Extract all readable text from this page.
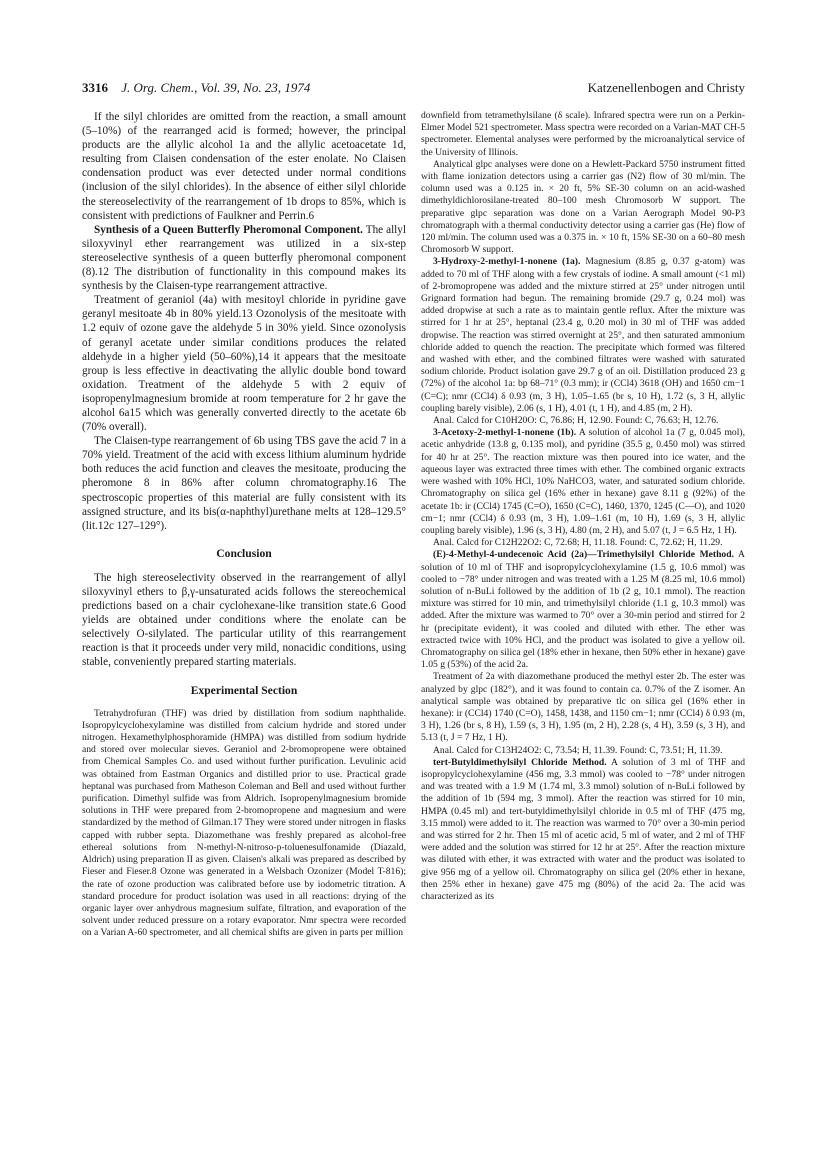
3316 J. Org. Chem., Vol. 39, No. 23, 1974	Katzenellenbogen and Christy

If the silyl chlorides are omitted from the reaction, a small amount (5–10%) of the rearranged acid is formed; however, the principal products are the allylic alcohol 1a and the allylic acetoacetate 1d, resulting from Claisen condensation of the ester enolate. No Claisen condensation product was ever detected under normal conditions (inclusion of the silyl chlorides). In the absence of either silyl chloride the stereoselectivity of the rearrangement of 1b drops to 85%, which is consistent with predictions of Faulkner and Perrin.6

Synthesis of a Queen Butterfly Pheromonal Component. The allyl siloxyvinyl ether rearrangement was utilized in a six-step stereoselective synthesis of a queen butterfly pheromonal component (8).12 The distribution of functionality in this compound makes its synthesis by the Claisen-type rearrangement attractive.

Treatment of geraniol (4a) with mesitoyl chloride in pyridine gave geranyl mesitoate 4b in 80% yield.13 Ozonolysis of the mesitoate with 1.2 equiv of ozone gave the aldehyde 5 in 30% yield. Since ozonolysis of geranyl acetate under similar conditions produces the related aldehyde in a higher yield (50–60%),14 it appears that the mesitoate group is less effective in deactivating the allylic double bond toward oxidation. Treatment of the aldehyde 5 with 2 equiv of isopropenylmagnesium bromide at room temperature for 2 hr gave the alcohol 6a15 which was generally converted directly to the acetate 6b (70% overall).

The Claisen-type rearrangement of 6b using TBS gave the acid 7 in a 70% yield. Treatment of the acid with excess lithium aluminum hydride both reduces the acid function and cleaves the mesitoate, producing the pheromone 8 in 86% after column chromatography.16 The spectroscopic properties of this material are fully consistent with its assigned structure, and its bis(α-naphthyl)urethane melts at 128–129.5° (lit.12c 127–129°).

Conclusion

The high stereoselectivity observed in the rearrangement of allyl siloxyvinyl ethers to β,γ-unsaturated acids follows the stereochemical predictions based on a chair cyclohexane-like transition state.6 Good yields are obtained under conditions where the enolate can be selectively O-silylated. The particular utility of this rearrangement reaction is that it proceeds under very mild, nonacidic conditions, using stable, conveniently prepared starting materials.

Experimental Section

Tetrahydrofuran (THF) was dried by distillation from sodium naphthalide. Isopropylcyclohexylamine was distilled from calcium hydride and stored under nitrogen. Hexamethylphosphoramide (HMPA) was distilled from sodium hydride and stored over molecular sieves. Geraniol and 2-bromopropene were obtained from Chemical Samples Co. and used without further purification. Levulinic acid was obtained from Eastman Organics and distilled prior to use. Practical grade heptanal was purchased from Matheson Coleman and Bell and used without further purification. Dimethyl sulfide was from Aldrich. Isopropenylmagnesium bromide solutions in THF were prepared from 2-bromopropene and magnesium and were standardized by the method of Gilman.17 They were stored under nitrogen in flasks capped with rubber septa. Diazomethane was freshly prepared as alcohol-free ethereal solutions from N-methyl-N-nitroso-p-toluenesulfonamide (Diazald, Aldrich) using preparation II as given. Claisen's alkali was prepared as described by Fieser and Fieser.8 Ozone was generated in a Welsbach Ozonizer (Model T-816); the rate of ozone production was calibrated before use by iodometric titration. A standard procedure for product isolation was used in all reactions: drying of the organic layer over anhydrous magnesium sulfate, filtration, and evaporation of the solvent under reduced pressure on a rotary evaporator. Nmr spectra were recorded on a Varian A-60 spectrometer, and all chemical shifts are given in parts per million

downfield from tetramethylsilane (δ scale). Infrared spectra were run on a Perkin-Elmer Model 521 spectrometer. Mass spectra were recorded on a Varian-MAT CH-5 spectrometer. Elemental analyses were performed by the microanalytical service of the University of Illinois.

Analytical glpc analyses were done on a Hewlett-Packard 5750 instrument fitted with flame ionization detectors using a carrier gas (N2) flow of 30 ml/min. The column used was a 0.125 in. × 20 ft, 5% SE-30 column on an acid-washed dimethyldichlorosilane-treated 80–100 mesh Chromosorb W support. The preparative glpc separation was done on a Varian Aerograph Model 90-P3 chromatograph with a thermal conductivity detector using a carrier gas (He) flow of 120 ml/min. The column used was a 0.375 in. × 10 ft, 15% SE-30 on a 60–80 mesh Chromosorb W support.

3-Hydroxy-2-methyl-1-nonene (1a). Magnesium (8.85 g, 0.37 g-atom) was added to 70 ml of THF along with a few crystals of iodine. A small amount (<1 ml) of 2-bromopropene was added and the mixture stirred at 25° under nitrogen until Grignard formation had begun. The remaining bromide (29.7 g, 0.24 mol) was added dropwise at such a rate as to maintain gentle reflux. After the mixture was stirred for 1 hr at 25°, heptanal (23.4 g, 0.20 mol) in 30 ml of THF was added dropwise. The reaction was stirred overnight at 25°, and then saturated ammonium chloride added to quench the reaction. The precipitate which formed was filtered and washed with ether, and the combined filtrates were washed with saturated sodium chloride. Product isolation gave 29.7 g of an oil. Distillation produced 23 g (72%) of the alcohol 1a: bp 68–71° (0.3 mm); ir (CCl4) 3618 (OH) and 1650 cm−1 (C=C); nmr (CCl4) δ 0.93 (m, 3 H), 1.05–1.65 (br s, 10 H), 1.72 (s, 3 H, allylic coupling barely visible), 2.06 (s, 1 H), 4.01 (t, 1 H), and 4.85 (m, 2 H).

Anal. Calcd for C10H20O: C, 76.86; H, 12.90. Found: C, 76.63; H, 12.76.

3-Acetoxy-2-methyl-1-nonene (1b). A solution of alcohol 1a (7 g, 0.045 mol), acetic anhydride (13.8 g, 0.135 mol), and pyridine (35.5 g, 0.450 mol) was stirred for 40 hr at 25°. The reaction mixture was then poured into ice water, and the aqueous layer was extracted three times with ether. The combined organic extracts were washed with 10% HCl, 10% NaHCO3, water, and saturated sodium chloride. Chromatography on silica gel (16% ether in hexane) gave 8.11 g (92%) of the acetate 1b: ir (CCl4) 1745 (C=O), 1650 (C=C), 1460, 1370, 1245 (C—O), and 1020 cm−1; nmr (CCl4) δ 0.93 (m, 3 H), 1.09–1.61 (m, 10 H), 1.69 (s, 3 H, allylic coupling barely visible), 1.96 (s, 3 H), 4.80 (m, 2 H), and 5.07 (t, J = 6.5 Hz, 1 H).

Anal. Calcd for C12H22O2: C, 72.68; H, 11.18. Found: C, 72.62; H, 11.29.

(E)-4-Methyl-4-undecenoic Acid (2a)—Trimethylsilyl Chloride Method. A solution of 10 ml of THF and isopropylcyclohexylamine (1.5 g, 10.6 mmol) was cooled to −78° under nitrogen and was treated with a 1.25 M (8.25 ml, 10.6 mmol) solution of n-BuLi followed by the addition of 1b (2 g, 10.1 mmol). The reaction mixture was stirred for 10 min, and trimethylsilyl chloride (1.1 g, 10.3 mmol) was added. After the mixture was warmed to 70° over a 30-min period and stirred for 2 hr (precipitate evident), it was cooled and diluted with ether. The ether was extracted twice with 10% HCl, and the product was isolated to give a yellow oil. Chromatography on silica gel (18% ether in hexane, then 50% ether in hexane) gave 1.05 g (53%) of the acid 2a.

Treatment of 2a with diazomethane produced the methyl ester 2b. The ester was analyzed by glpc (182°), and it was found to contain ca. 0.7% of the Z isomer. An analytical sample was obtained by preparative tlc on silica gel (16% ether in hexane): ir (CCl4) 1740 (C=O), 1458, 1438, and 1150 cm−1; nmr (CCl4) δ 0.93 (m, 3 H), 1.26 (br s, 8 H), 1.59 (s, 3 H), 1.95 (m, 2 H), 2.28 (s, 4 H), 3.59 (s, 3 H), and 5.13 (t, J = 7 Hz, 1 H).

Anal. Calcd for C13H24O2: C, 73.54; H, 11.39. Found: C, 73.51; H, 11.39.

tert-Butyldimethylsilyl Chloride Method. A solution of 3 ml of THF and isopropylcyclohexylamine (456 mg, 3.3 mmol) was cooled to −78° under nitrogen and was treated with a 1.9 M (1.74 ml, 3.3 mmol) solution of n-BuLi followed by the addition of 1b (594 mg, 3 mmol). After the reaction was stirred for 10 min, HMPA (0.45 ml) and tert-butyldimethylsilyl chloride in 0.5 ml of THF (475 mg, 3.15 mmol) were added to it. The reaction was warmed to 70° over a 30-min period and was stirred for 2 hr. Then 15 ml of acetic acid, 5 ml of water, and 2 ml of THF were added and the solution was stirred for 12 hr at 25°. After the reaction mixture was diluted with ether, it was extracted with water and the product was isolated to give 956 mg of a yellow oil. Chromatography on silica gel (20% ether in hexane, then 25% ether in hexane) gave 475 mg (80%) of the acid 2a. The acid was characterized as its
